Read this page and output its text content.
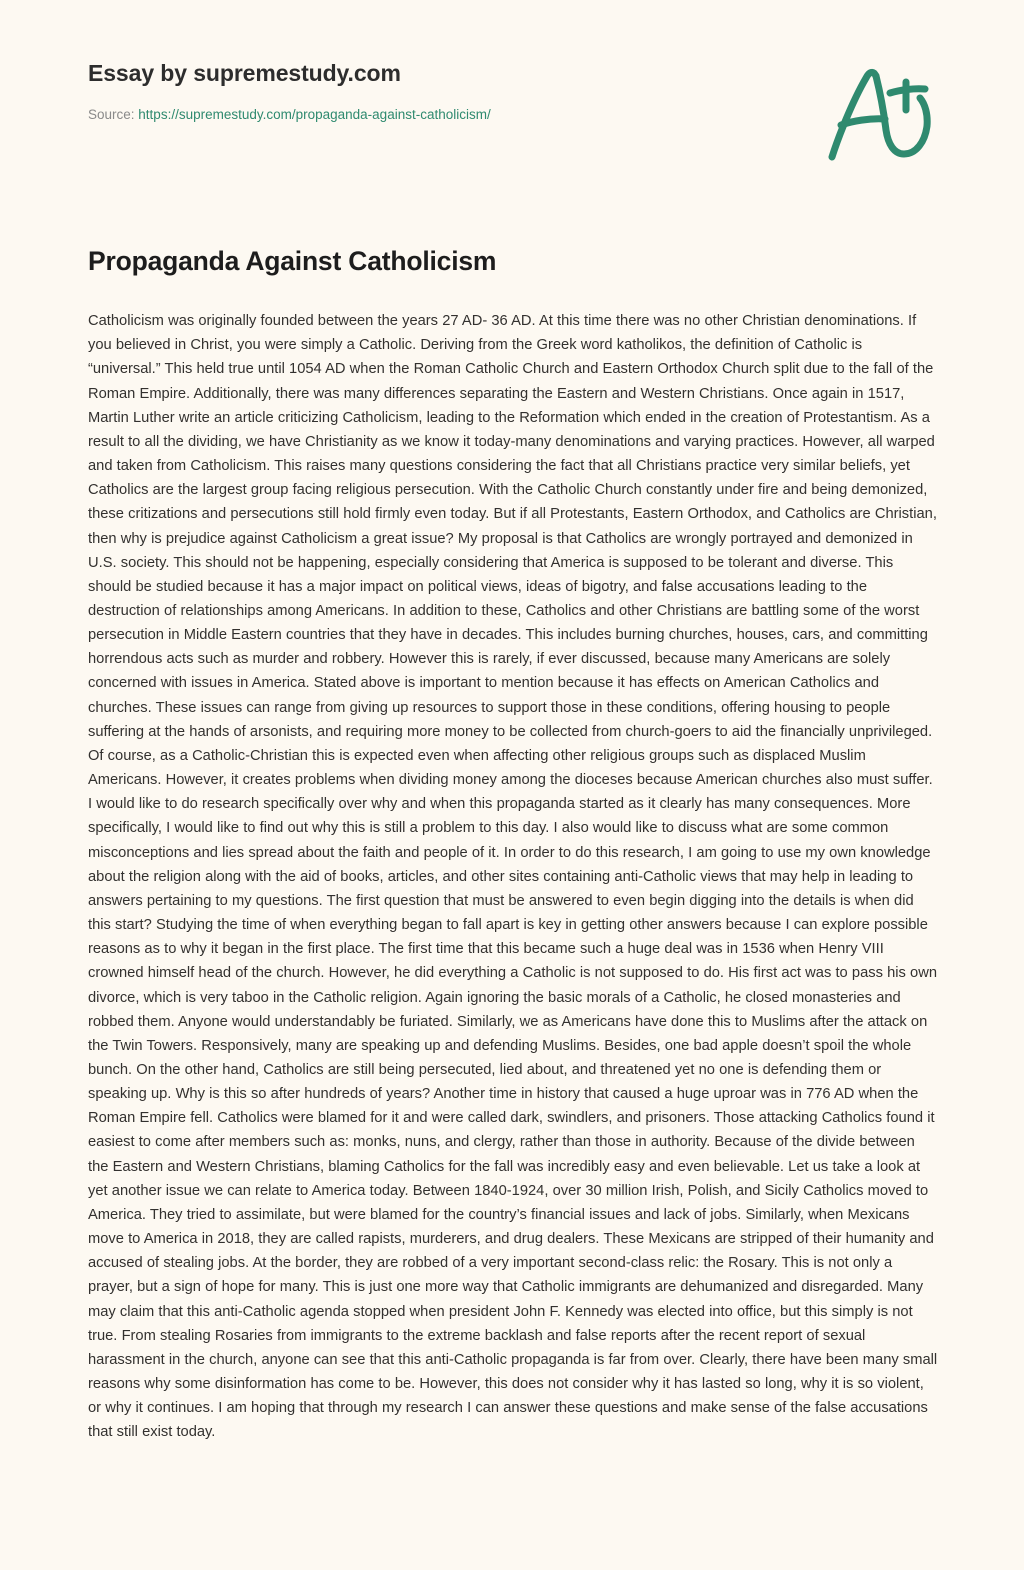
Essay by supremestudy.com
Source: https://supremestudy.com/propaganda-against-catholicism/
Propaganda Against Catholicism

Catholicism was originally founded between the years 27 AD- 36 AD. At this time there was no other Christian denominations. If you believed in Christ, you were simply a Catholic. Deriving from the Greek word katholikos, the definition of Catholic is “universal.” This held true until 1054 AD when the Roman Catholic Church and Eastern Orthodox Church split due to the fall of the Roman Empire. Additionally, there was many differences separating the Eastern and Western Christians. Once again in 1517, Martin Luther write an article criticizing Catholicism, leading to the Reformation which ended in the creation of Protestantism. As a result to all the dividing, we have Christianity as we know it today-many denominations and varying practices. However, all warped and taken from Catholicism. This raises many questions considering the fact that all Christians practice very similar beliefs, yet Catholics are the largest group facing religious persecution. With the Catholic Church constantly under fire and being demonized, these critizations and persecutions still hold firmly even today. But if all Protestants, Eastern Orthodox, and Catholics are Christian, then why is prejudice against Catholicism a great issue? My proposal is that Catholics are wrongly portrayed and demonized in U.S. society. This should not be happening, especially considering that America is supposed to be tolerant and diverse. This should be studied because it has a major impact on political views, ideas of bigotry, and false accusations leading to the destruction of relationships among Americans. In addition to these, Catholics and other Christians are battling some of the worst persecution in Middle Eastern countries that they have in decades. This includes burning churches, houses, cars, and committing horrendous acts such as murder and robbery. However this is rarely, if ever discussed, because many Americans are solely concerned with issues in America. Stated above is important to mention because it has effects on American Catholics and churches. These issues can range from giving up resources to support those in these conditions, offering housing to people suffering at the hands of arsonists, and requiring more money to be collected from church-goers to aid the financially unprivileged. Of course, as a Catholic-Christian this is expected even when affecting other religious groups such as displaced Muslim Americans. However, it creates problems when dividing money among the dioceses because American churches also must suffer. I would like to do research specifically over why and when this propaganda started as it clearly has many consequences. More specifically, I would like to find out why this is still a problem to this day. I also would like to discuss what are some common misconceptions and lies spread about the faith and people of it. In order to do this research, I am going to use my own knowledge about the religion along with the aid of books, articles, and other sites containing anti-Catholic views that may help in leading to answers pertaining to my questions. The first question that must be answered to even begin digging into the details is when did this start? Studying the time of when everything began to fall apart is key in getting other answers because I can explore possible reasons as to why it began in the first place. The first time that this became such a huge deal was in 1536 when Henry VIII crowned himself head of the church. However, he did everything a Catholic is not supposed to do. His first act was to pass his own divorce, which is very taboo in the Catholic religion. Again ignoring the basic morals of a Catholic, he closed monasteries and robbed them. Anyone would understandably be furiated. Similarly, we as Americans have done this to Muslims after the attack on the Twin Towers. Responsively, many are speaking up and defending Muslims. Besides, one bad apple doesn’t spoil the whole bunch. On the other hand, Catholics are still being persecuted, lied about, and threatened yet no one is defending them or speaking up. Why is this so after hundreds of years? Another time in history that caused a huge uproar was in 776 AD when the Roman Empire fell. Catholics were blamed for it and were called dark, swindlers, and prisoners. Those attacking Catholics found it easiest to come after members such as: monks, nuns, and clergy, rather than those in authority. Because of the divide between the Eastern and Western Christians, blaming Catholics for the fall was incredibly easy and even believable. Let us take a look at yet another issue we can relate to America today. Between 1840-1924, over 30 million Irish, Polish, and Sicily Catholics moved to America. They tried to assimilate, but were blamed for the country’s financial issues and lack of jobs. Similarly, when Mexicans move to America in 2018, they are called rapists, murderers, and drug dealers. These Mexicans are stripped of their humanity and accused of stealing jobs. At the border, they are robbed of a very important second-class relic: the Rosary. This is not only a prayer, but a sign of hope for many. This is just one more way that Catholic immigrants are dehumanized and disregarded. Many may claim that this anti-Catholic agenda stopped when president John F. Kennedy was elected into office, but this simply is not true. From stealing Rosaries from immigrants to the extreme backlash and false reports after the recent report of sexual harassment in the church, anyone can see that this anti-Catholic propaganda is far from over. Clearly, there have been many small reasons why some disinformation has come to be. However, this does not consider why it has lasted so long, why it is so violent, or why it continues. I am hoping that through my research I can answer these questions and make sense of the false accusations that still exist today.
